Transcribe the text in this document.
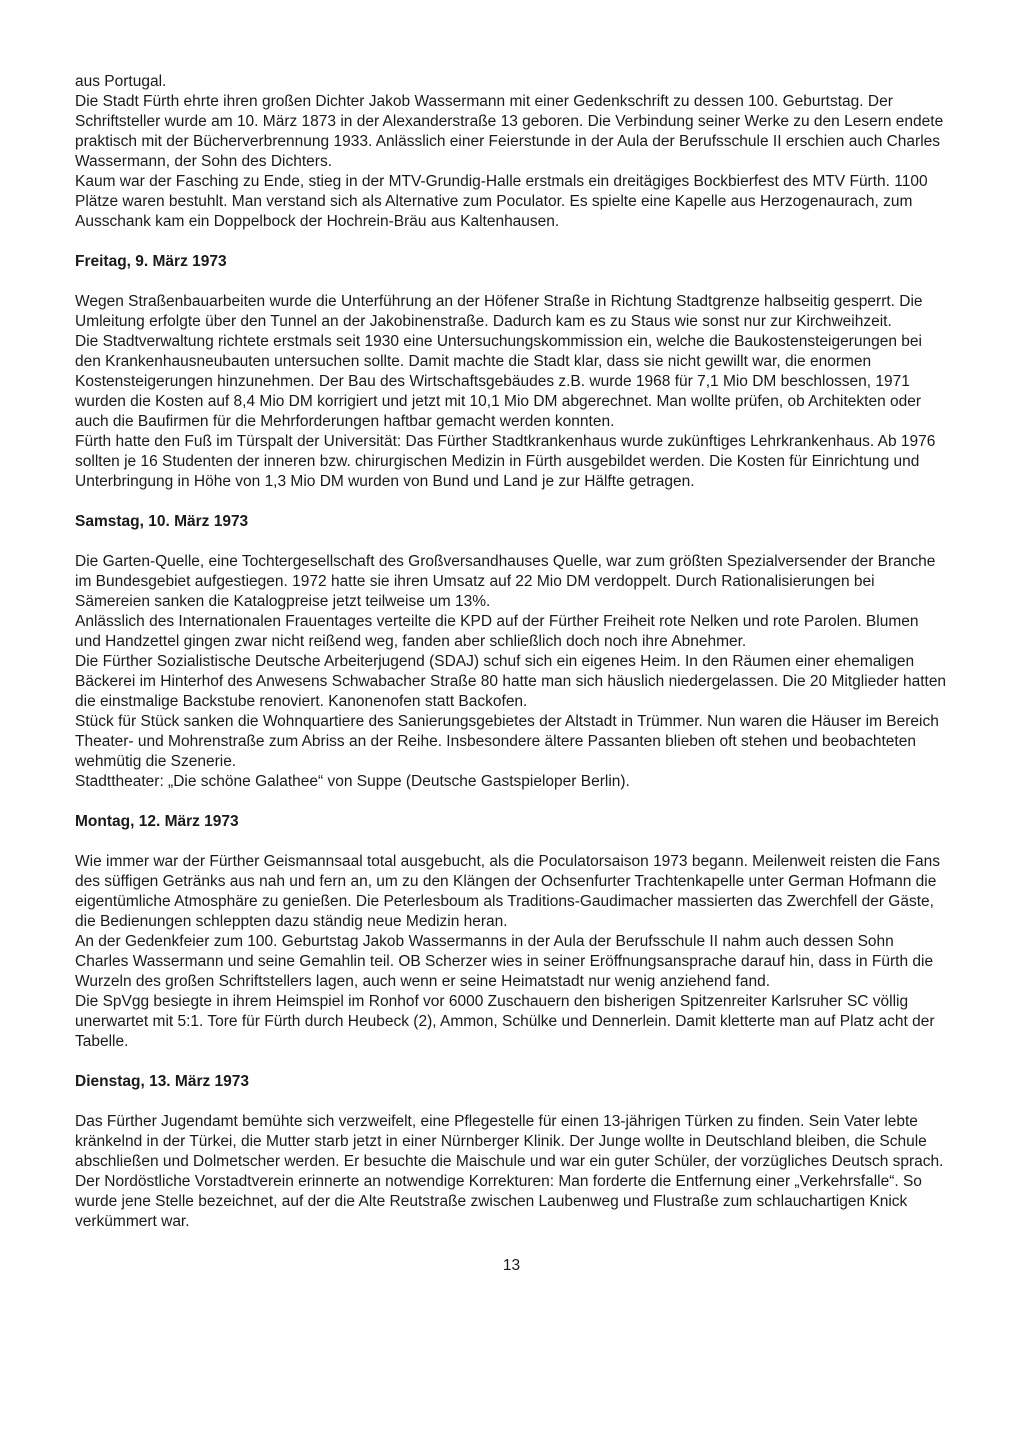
aus Portugal.

Die Stadt Fürth ehrte ihren großen Dichter Jakob Wassermann mit einer Gedenkschrift zu dessen 100. Geburtstag. Der Schriftsteller wurde am 10. März 1873 in der Alexanderstraße 13 geboren. Die Verbindung seiner Werke zu den Lesern endete praktisch mit der Bücherverbrennung 1933. Anlässlich einer Feierstunde in der Aula der Berufsschule II erschien auch Charles Wassermann, der Sohn des Dichters.

Kaum war der Fasching zu Ende, stieg in der MTV-Grundig-Halle erstmals ein dreitägiges Bockbierfest des MTV Fürth. 1100 Plätze waren bestuhlt. Man verstand sich als Alternative zum Poculator. Es spielte eine Kapelle aus Herzogenaurach, zum Ausschank kam ein Doppelbock der Hochrein-Bräu aus Kaltenhausen.

Freitag, 9. März 1973

Wegen Straßenbauarbeiten wurde die Unterführung an der Höfener Straße in Richtung Stadtgrenze halbseitig gesperrt. Die Umleitung erfolgte über den Tunnel an der Jakobinenstraße. Dadurch kam es zu Staus wie sonst nur zur Kirchweihzeit.

Die Stadtverwaltung richtete erstmals seit 1930 eine Untersuchungskommission ein, welche die Baukostensteigerungen bei den Krankenhausneubauten untersuchen sollte. Damit machte die Stadt klar, dass sie nicht gewillt war, die enormen Kostensteigerungen hinzunehmen. Der Bau des Wirtschaftsgebäudes z.B. wurde 1968 für 7,1 Mio DM beschlossen, 1971 wurden die Kosten auf 8,4 Mio DM korrigiert und jetzt mit 10,1 Mio DM abgerechnet. Man wollte prüfen, ob Architekten oder auch die Baufirmen für die Mehrforderungen haftbar gemacht werden konnten.

Fürth hatte den Fuß im Türspalt der Universität: Das Fürther Stadtkrankenhaus wurde zukünftiges Lehrkrankenhaus. Ab 1976 sollten je 16 Studenten der inneren bzw. chirurgischen Medizin in Fürth ausgebildet werden. Die Kosten für Einrichtung und Unterbringung in Höhe von 1,3 Mio DM wurden von Bund und Land je zur Hälfte getragen.

Samstag, 10. März 1973

Die Garten-Quelle, eine Tochtergesellschaft des Großversandhauses Quelle, war zum größten Spezialversender der Branche im Bundesgebiet aufgestiegen. 1972 hatte sie ihren Umsatz auf 22 Mio DM verdoppelt. Durch Rationalisierungen bei Sämereien sanken die Katalogpreise jetzt teilweise um 13%.

Anlässlich des Internationalen Frauentages verteilte die KPD auf der Fürther Freiheit rote Nelken und rote Parolen. Blumen und Handzettel gingen zwar nicht reißend weg, fanden aber schließlich doch noch ihre Abnehmer.

Die Fürther Sozialistische Deutsche Arbeiterjugend (SDAJ) schuf sich ein eigenes Heim. In den Räumen einer ehemaligen Bäckerei im Hinterhof des Anwesens Schwabacher Straße 80 hatte man sich häuslich niedergelassen. Die 20 Mitglieder hatten die einstmalige Backstube renoviert. Kanonenofen statt Backofen.

Stück für Stück sanken die Wohnquartiere des Sanierungsgebietes der Altstadt in Trümmer. Nun waren die Häuser im Bereich Theater- und Mohrenstraße zum Abriss an der Reihe. Insbesondere ältere Passanten blieben oft stehen und beobachteten wehmütig die Szenerie.

Stadttheater: „Die schöne Galathee“ von Suppe (Deutsche Gastspieloper Berlin).

Montag, 12. März 1973

Wie immer war der Fürther Geismannsaal total ausgebucht, als die Poculatorsaison 1973 begann. Meilenweit reisten die Fans des süffigen Getränks aus nah und fern an, um zu den Klängen der Ochsenfurter Trachtenkapelle unter German Hofmann die eigentümliche Atmosphäre zu genießen. Die Peterlesboum als Traditions-Gaudimacher massierten das Zwerchfell der Gäste, die Bedienungen schleppten dazu ständig neue Medizin heran.

An der Gedenkfeier zum 100. Geburtstag Jakob Wassermanns in der Aula der Berufsschule II nahm auch dessen Sohn Charles Wassermann und seine Gemahlin teil. OB Scherzer wies in seiner Eröffnungsansprache darauf hin, dass in Fürth die Wurzeln des großen Schriftstellers lagen, auch wenn er seine Heimatstadt nur wenig anziehend fand.

Die SpVgg besiegte in ihrem Heimspiel im Ronhof vor 6000 Zuschauern den bisherigen Spitzenreiter Karlsruher SC völlig unerwartet mit 5:1. Tore für Fürth durch Heubeck (2), Ammon, Schülke und Dennerlein. Damit kletterte man auf Platz acht der Tabelle.

Dienstag, 13. März 1973

Das Fürther Jugendamt bemühte sich verzweifelt, eine Pflegestelle für einen 13-jährigen Türken zu finden. Sein Vater lebte kränkelnd in der Türkei, die Mutter starb jetzt in einer Nürnberger Klinik. Der Junge wollte in Deutschland bleiben, die Schule abschließen und Dolmetscher werden. Er besuchte die Maischule und war ein guter Schüler, der vorzügliches Deutsch sprach.

Der Nordöstliche Vorstadtverein erinnerte an notwendige Korrekturen: Man forderte die Entfernung einer „Verkehrsfalle“. So wurde jene Stelle bezeichnet, auf der die Alte Reutstraße zwischen Laubenweg und Flustraße zum schlauchartigen Knick verkümmert war.

13
